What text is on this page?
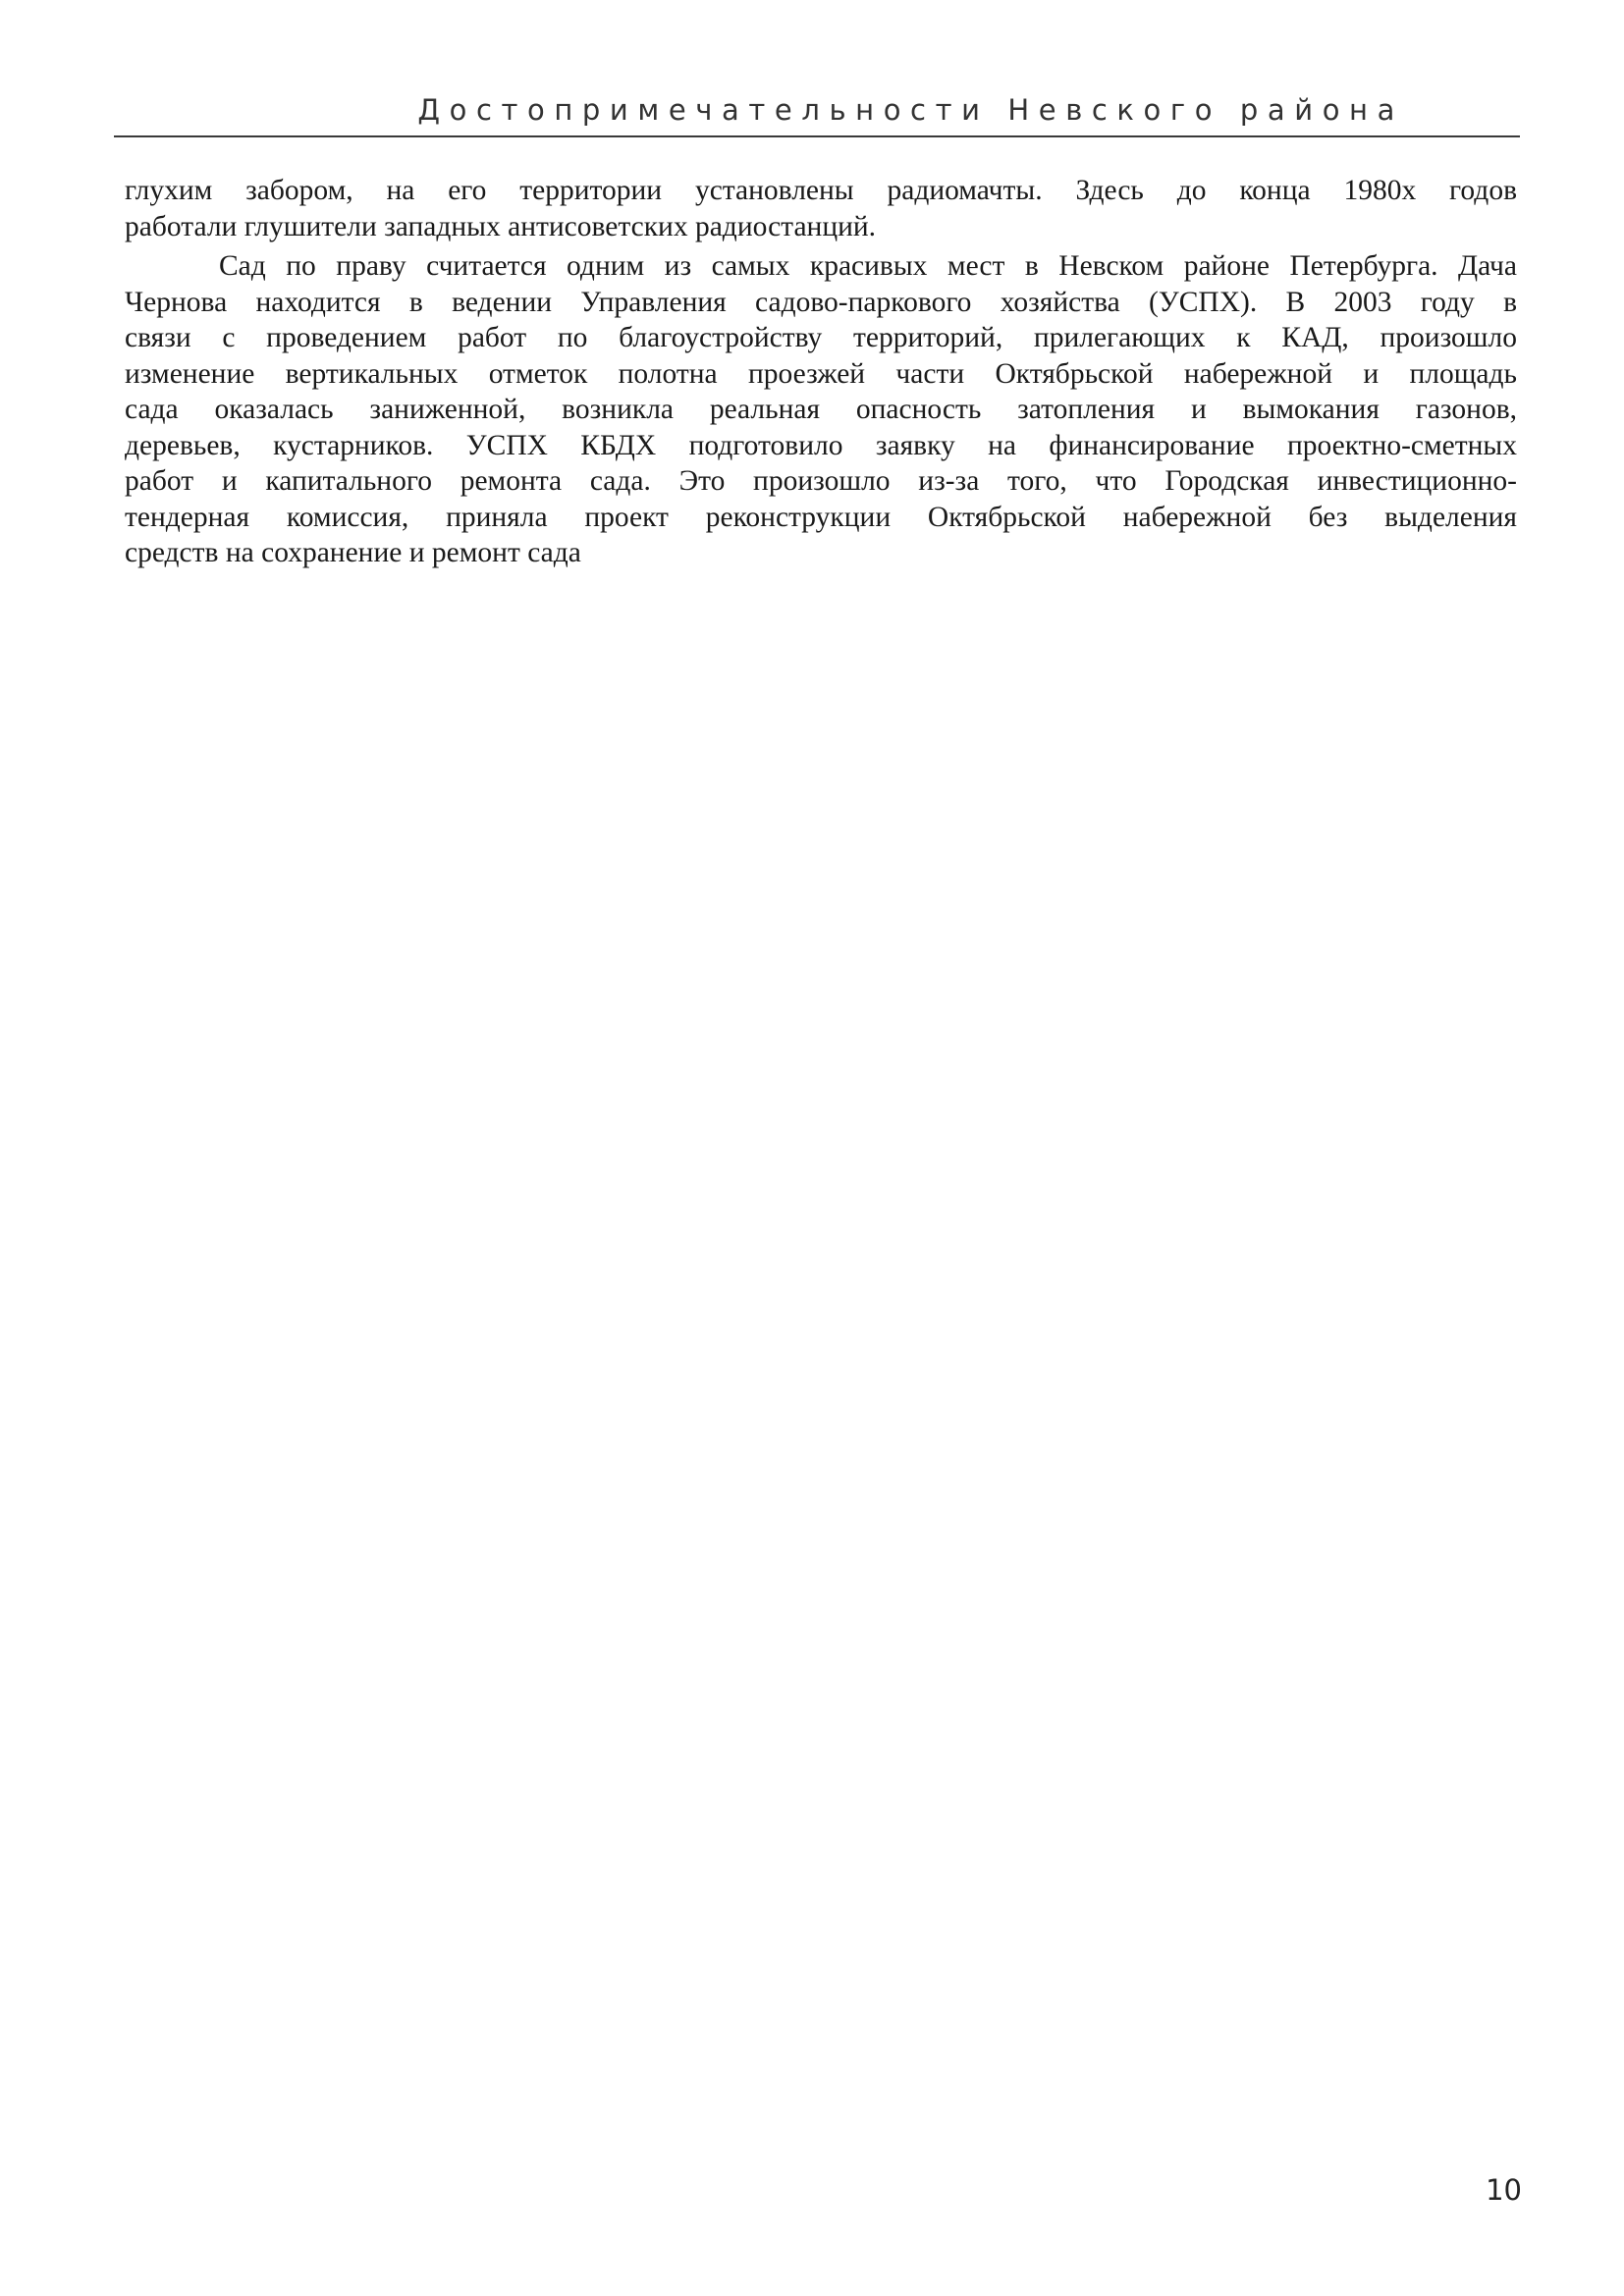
Достопримечательности Невского района
глухим забором, на его территории установлены радиомачты. Здесь до конца 1980х годов
работали глушители западных антисоветских радиостанций.
Сад по праву считается одним из самых красивых мест в Невском районе Петербурга. Дача
Чернова находится в ведении Управления садово-паркового хозяйства (УСПХ). В 2003 году в
связи с проведением работ по благоустройству территорий, прилегающих к КАД, произошло
изменение вертикальных отметок полотна проезжей части Октябрьской набережной и площадь
сада оказалась заниженной, возникла реальная опасность затопления и вымокания газонов,
деревьев, кустарников. УСПХ КБДХ подготовило заявку на финансирование проектно-сметных
работ и капитального ремонта сада. Это произошло из-за того, что Городская инвестиционно-
тендерная комиссия, приняла проект реконструкции Октябрьской набережной без выделения
средств на сохранение и ремонт сада
10
